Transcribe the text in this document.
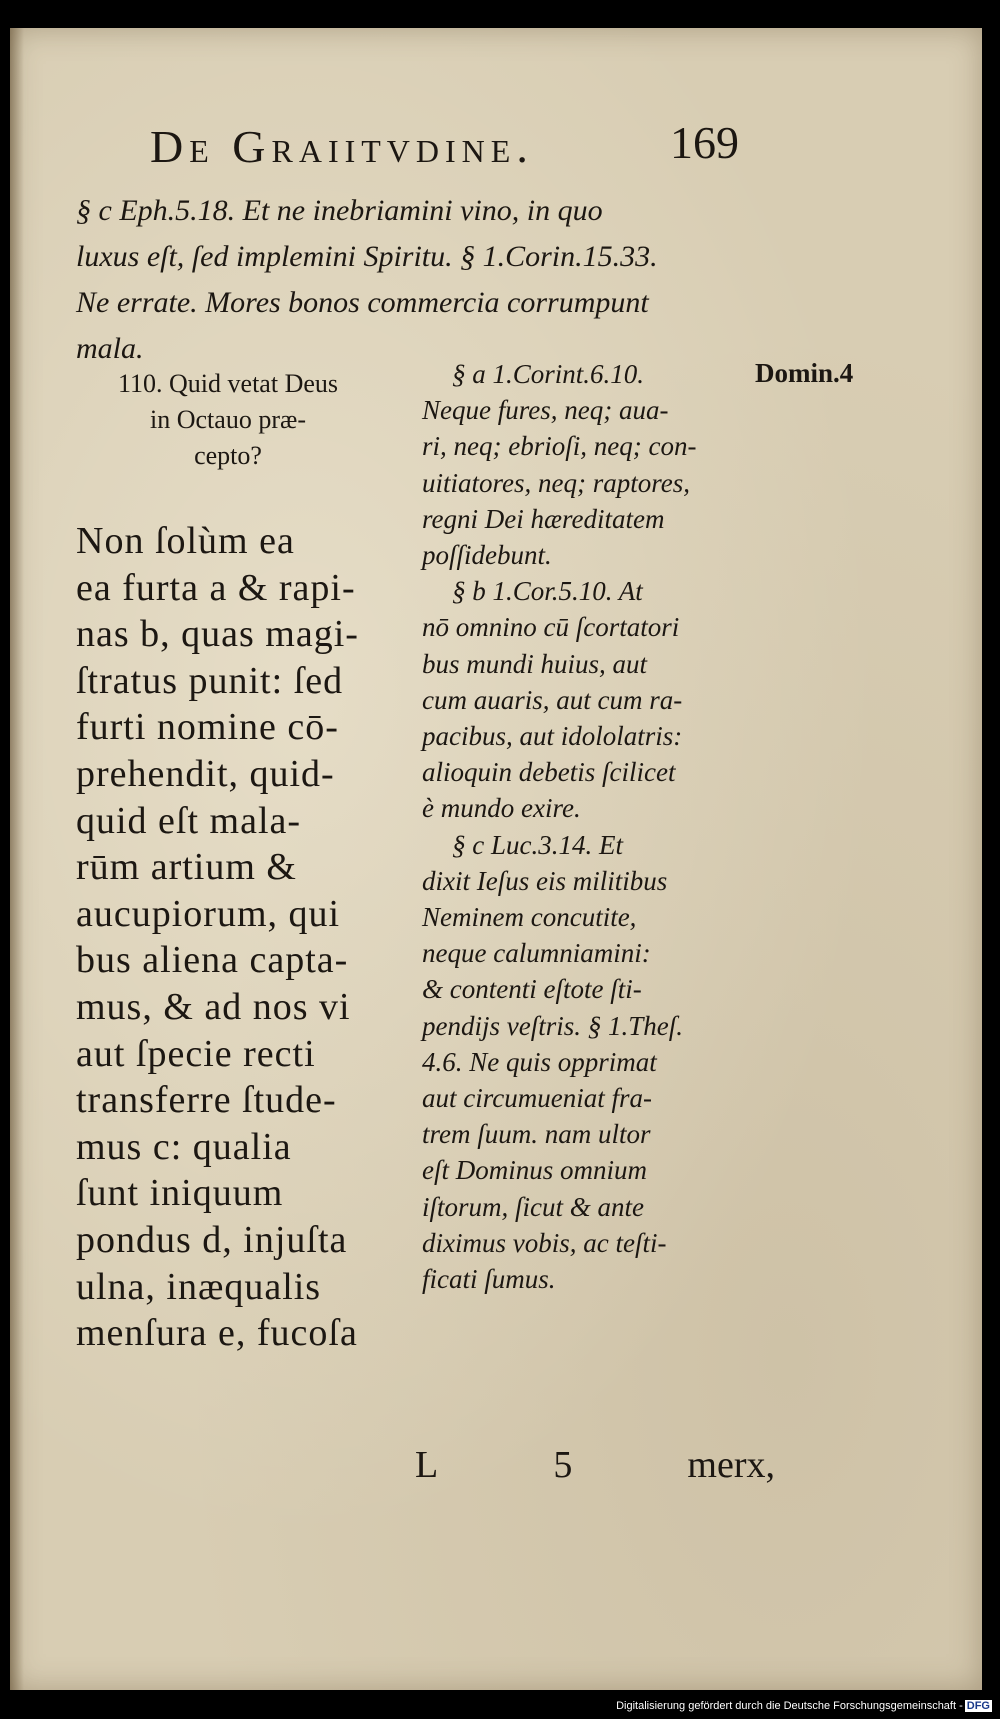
De Graiitvdine.	169
§ c Eph.5.18. Et ne inebriamini vino, in quo
luxus eſt, ſed implemini Spiritu. § 1.Corin.15.33.
Ne errate. Mores bonos commercia corrumpunt
mala.
110. Quid vetat Deus
in Octauo præ-
cepto?
Non ſolùm ea
ea furta a & rapi-
nas b, quas magi-
ſtratus punit: ſed
furti nomine cō-
prehendit, quid-
quid eſt mala-
rūm artium &
aucupiorum, qui
bus aliena capta-
mus, & ad nos vi
aut ſpecie recti
transferre ſtude-
mus c: qualia
ſunt iniquum
pondus d, injuſta
ulna, inæqualis
menſura e, fucoſa
§ a 1.Corint.6.10.
Neque fures, neq; aua-
ri, neq; ebrioſi, neq; con-
uitiatores, neq; raptores,
regni Dei hæreditatem
poſſidebunt.
§ b 1.Cor.5.10. At
nō omnino cū ſcortatori
bus mundi huius, aut
cum auaris, aut cum ra-
pacibus, aut idololatris:
alioquin debetis ſcilicet
è mundo exire.
§ c Luc.3.14. Et
dixit Ieſus eis militibus
Neminem concutite,
neque calumniamini:
& contenti eſtote ſti-
pendijs veſtris. § 1.Theſ.
4.6. Ne quis opprimat
aut circumueniat fra-
trem ſuum. nam ultor
eſt Dominus omnium
iſtorum, ſicut & ante
diximus vobis, ac teſti-
ficati ſumus.
Domin.4
L	5	merx,
Digitalisierung gefördert durch die Deutsche Forschungsgemeinschaft - DFG
